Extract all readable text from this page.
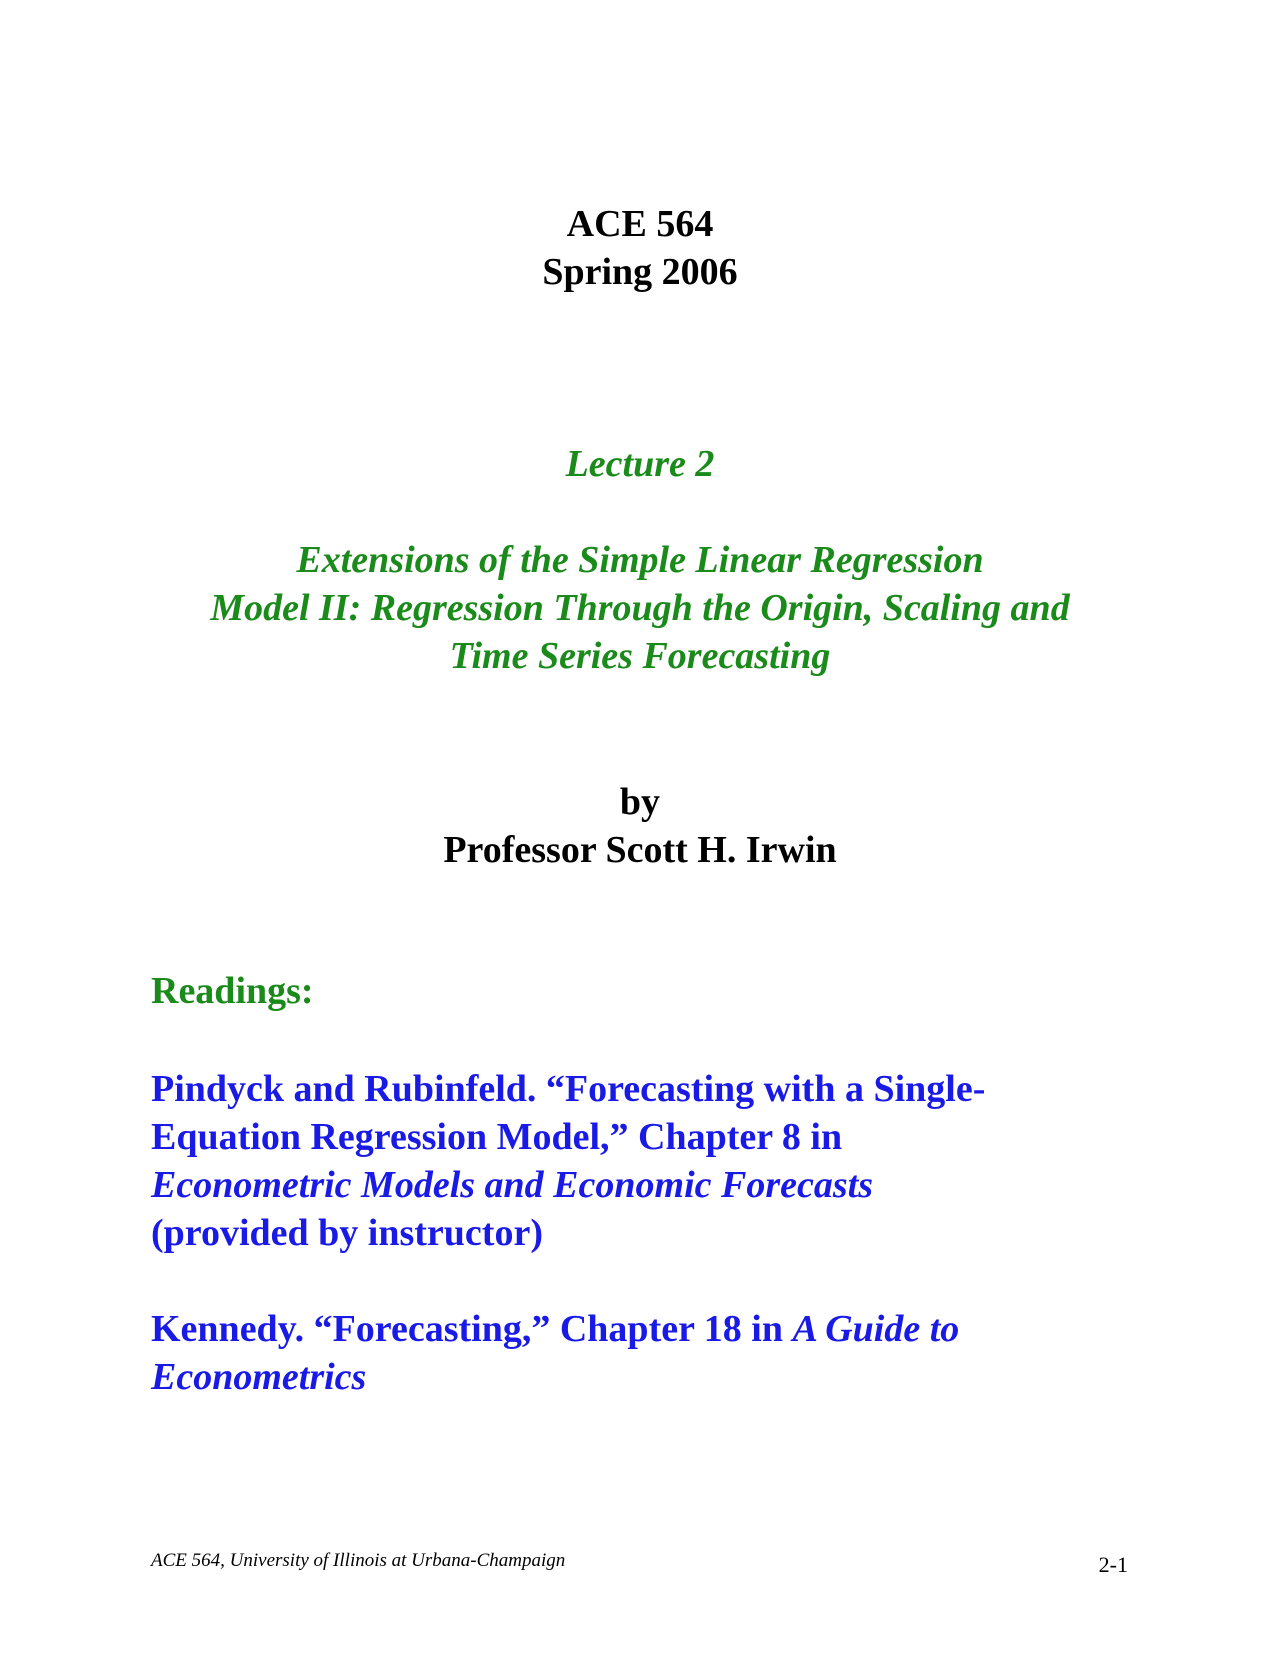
ACE 564
Spring 2006
Lecture 2
Extensions of the Simple Linear Regression
Model II: Regression Through the Origin, Scaling and
Time Series Forecasting
by
Professor Scott H. Irwin
Readings:
Pindyck and Rubinfeld. “Forecasting with a Single-
Equation Regression Model,” Chapter 8 in
Econometric Models and Economic Forecasts
(provided by instructor)
Kennedy. “Forecasting,” Chapter 18 in A Guide to
Econometrics
ACE 564, University of Illinois at Urbana-Champaign	2-1
